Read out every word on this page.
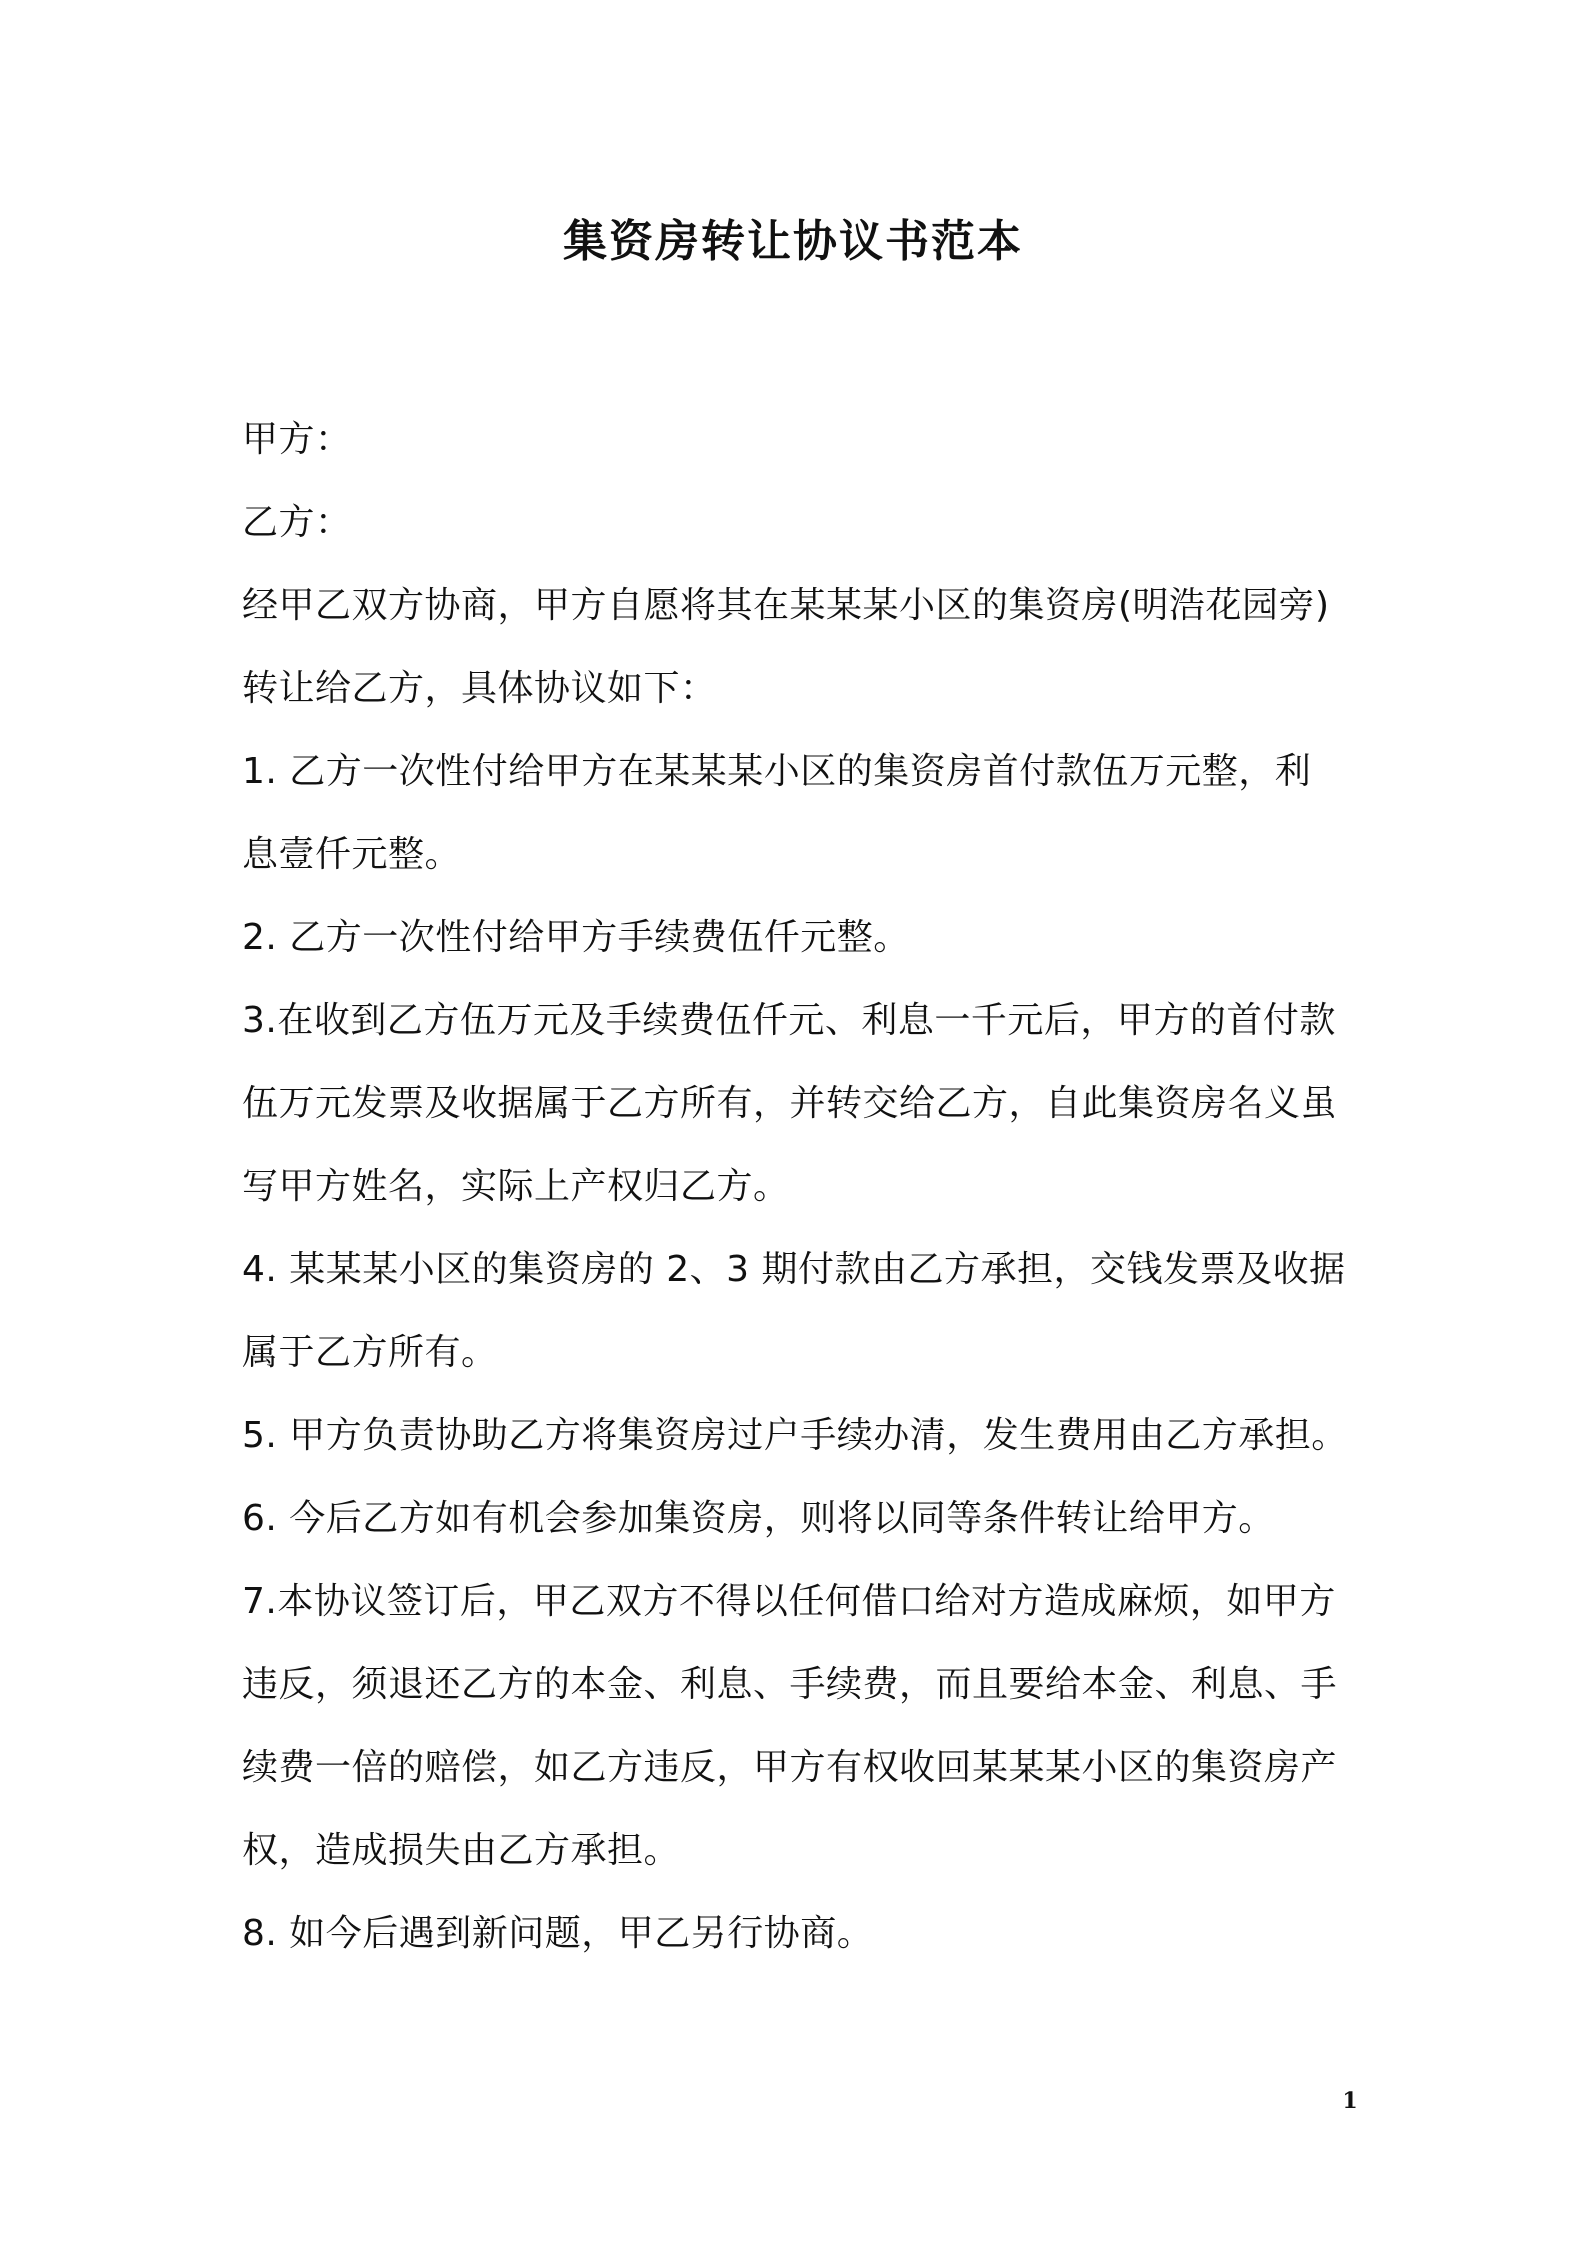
集资房转让协议书范本
甲方：
乙方：
经甲乙双方协商，甲方自愿将其在某某某小区的集资房(明浩花园旁)
转让给乙方，具体协议如下：
1. 乙方一次性付给甲方在某某某小区的集资房首付款伍万元整，利
息壹仟元整。
2. 乙方一次性付给甲方手续费伍仟元整。
3.在收到乙方伍万元及手续费伍仟元、利息一千元后，甲方的首付款
伍万元发票及收据属于乙方所有，并转交给乙方，自此集资房名义虽
写甲方姓名，实际上产权归乙方。
4. 某某某小区的集资房的 2、3 期付款由乙方承担，交钱发票及收据
属于乙方所有。
5. 甲方负责协助乙方将集资房过户手续办清，发生费用由乙方承担。
6. 今后乙方如有机会参加集资房，则将以同等条件转让给甲方。
7.本协议签订后，甲乙双方不得以任何借口给对方造成麻烦，如甲方
违反，须退还乙方的本金、利息、手续费，而且要给本金、利息、手
续费一倍的赔偿，如乙方违反，甲方有权收回某某某小区的集资房产
权，造成损失由乙方承担。
8. 如今后遇到新问题，甲乙另行协商。
1
